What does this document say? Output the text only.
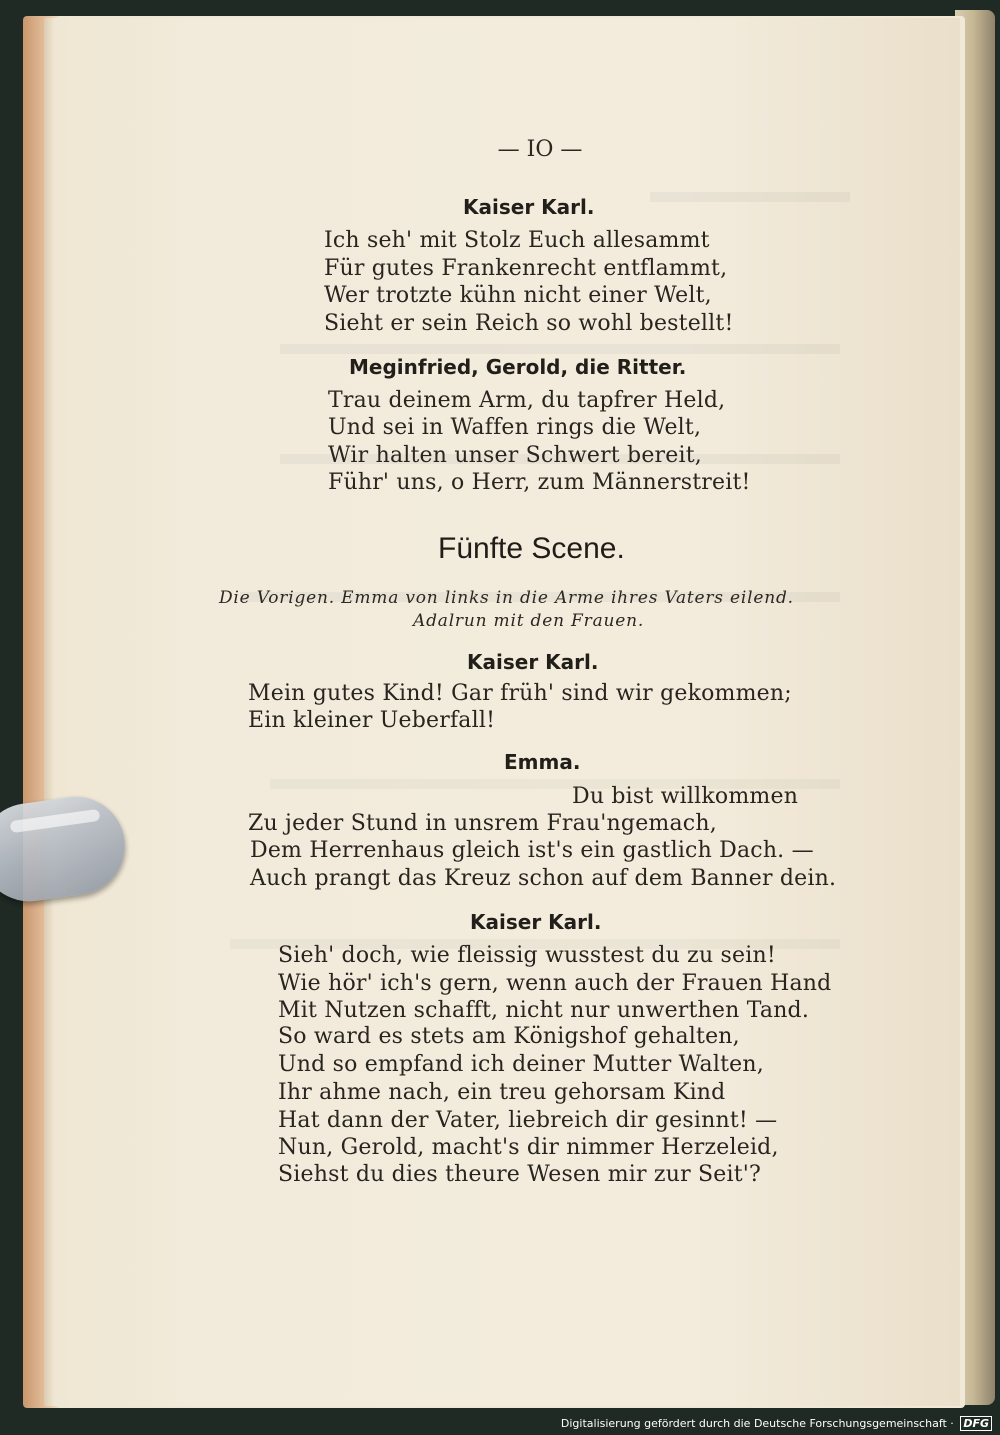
— IO —
Kaiser Karl.
Ich seh' mit Stolz Euch allesammt
Für gutes Frankenrecht entflammt,
Wer trotzte kühn nicht einer Welt,
Sieht er sein Reich so wohl bestellt!
Meginfried, Gerold, die Ritter.
Trau deinem Arm, du tapfrer Held,
Und sei in Waffen rings die Welt,
Wir halten unser Schwert bereit,
Führ' uns, o Herr, zum Männerstreit!
Fünfte Scene.
Die Vorigen. Emma von links in die Arme ihres Vaters eilend.
Adalrun mit den Frauen.
Kaiser Karl.
Mein gutes Kind! Gar früh' sind wir gekommen;
Ein kleiner Ueberfall!
Emma.
Du bist willkommen
Zu jeder Stund in unsrem Frau'ngemach,
Dem Herrenhaus gleich ist's ein gastlich Dach. —
Auch prangt das Kreuz schon auf dem Banner dein.
Kaiser Karl.
Sieh' doch, wie fleissig wusstest du zu sein!
Wie hör' ich's gern, wenn auch der Frauen Hand
Mit Nutzen schafft, nicht nur unwerthen Tand.
So ward es stets am Königshof gehalten,
Und so empfand ich deiner Mutter Walten,
Ihr ahme nach, ein treu gehorsam Kind
Hat dann der Vater, liebreich dir gesinnt! —
Nun, Gerold, macht's dir nimmer Herzeleid,
Siehst du dies theure Wesen mir zur Seit'?
Digitalisierung gefördert durch die Deutsche Forschungsgemeinschaft · DFG
